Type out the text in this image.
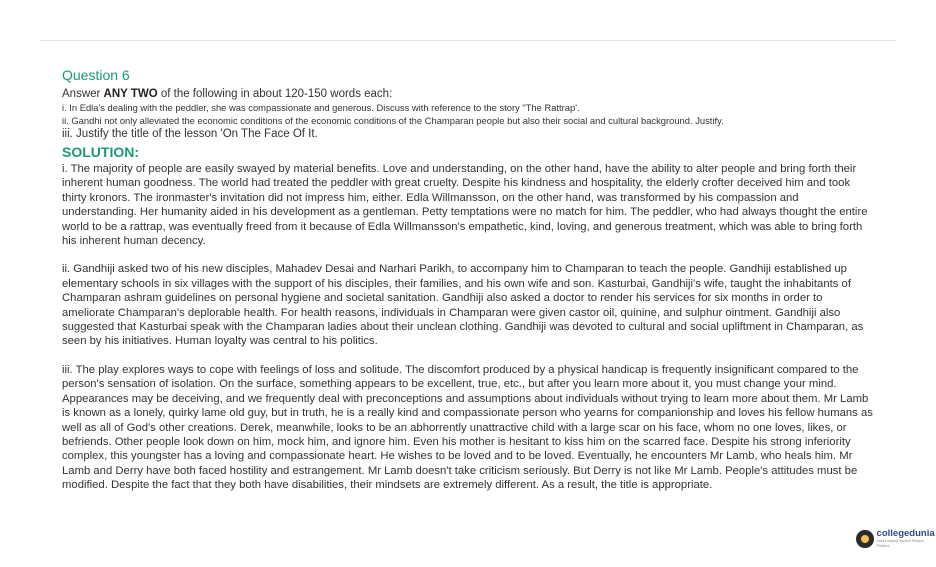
Question 6
Answer ANY TWO of the following in about 120-150 words each:
i. In Edla's dealing with the peddler, she was compassionate and generous. Discuss with reference to the story "The Rattrap'.
ii. Gandhi not only alleviated the economic conditions of the economic conditions of the Champaran people but also their social and cultural background. Justify.
iii. Justify the title of the lesson 'On The Face Of It.
SOLUTION:

i. The majority of people are easily swayed by material benefits. Love and understanding, on the other hand, have the ability to alter people and bring forth their inherent human goodness. The world had treated the peddler with great cruelty. Despite his kindness and hospitality, the elderly crofter deceived him and took thirty kronors. The ironmaster's invitation did not impress him, either. Edla Willmansson, on the other hand, was transformed by his compassion and understanding. Her humanity aided in his development as a gentleman. Petty temptations were no match for him. The peddler, who had always thought the entire world to be a rattrap, was eventually freed from it because of Edla Willmansson's empathetic, kind, loving, and generous treatment, which was able to bring forth his inherent human decency.

ii. Gandhiji asked two of his new disciples, Mahadev Desai and Narhari Parikh, to accompany him to Champaran to teach the people. Gandhiji established up elementary schools in six villages with the support of his disciples, their families, and his own wife and son. Kasturbai, Gandhiji's wife, taught the inhabitants of Champaran ashram guidelines on personal hygiene and societal sanitation. Gandhiji also asked a doctor to render his services for six months in order to ameliorate Champaran's deplorable health. For health reasons, individuals in Champaran were given castor oil, quinine, and sulphur ointment. Gandhiji also suggested that Kasturbai speak with the Champaran ladies about their unclean clothing. Gandhiji was devoted to cultural and social upliftment in Champaran, as seen by his initiatives. Human loyalty was central to his politics.

iii. The play explores ways to cope with feelings of loss and solitude. The discomfort produced by a physical handicap is frequently insignificant compared to the person's sensation of isolation. On the surface, something appears to be excellent, true, etc., but after you learn more about it, you must change your mind. Appearances may be deceiving, and we frequently deal with preconceptions and assumptions about individuals without trying to learn more about them. Mr Lamb is known as a lonely, quirky lame old guy, but in truth, he is a really kind and compassionate person who yearns for companionship and loves his fellow humans as well as all of God's other creations. Derek, meanwhile, looks to be an abhorrently unattractive child with a large scar on his face, whom no one loves, likes, or befriends. Other people look down on him, mock him, and ignore him. Even his mother is hesitant to kiss him on the scarred face. Despite his strong inferiority complex, this youngster has a loving and compassionate heart. He wishes to be loved and to be loved. Eventually, he encounters Mr Lamb, who heals him. Mr Lamb and Derry have both faced hostility and estrangement. Mr Lamb doesn't take criticism seriously. But Derry is not like Mr Lamb. People's attitudes must be modified. Despite the fact that they both have disabilities, their mindsets are extremely different. As a result, the title is appropriate.

collegedunia
India's largest Student Review Platform
